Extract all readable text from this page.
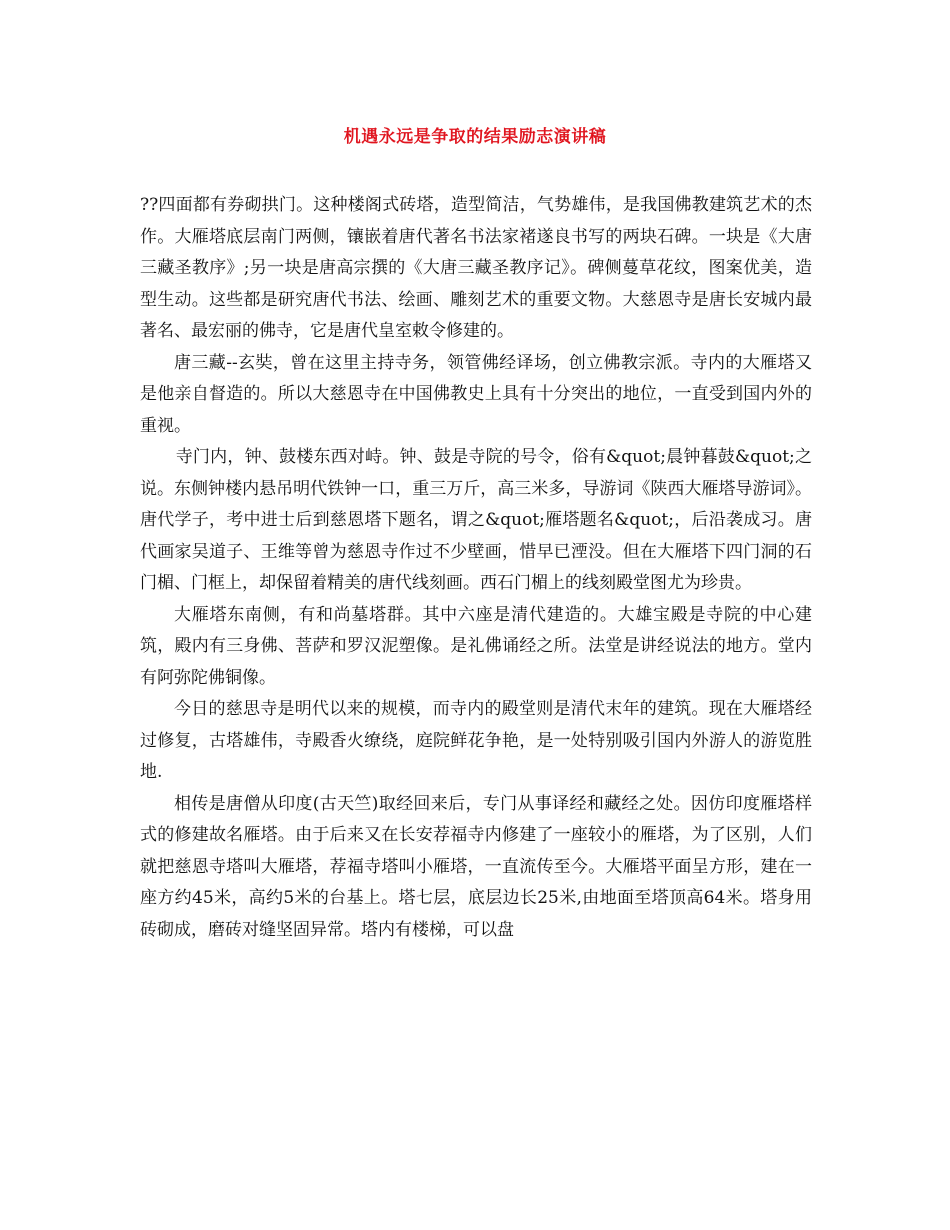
机遇永远是争取的结果励志演讲稿

??四面都有券砌拱门。这种楼阁式砖塔，造型简洁，气势雄伟，是我国佛教建筑艺术的杰作。大雁塔底层南门两侧，镶嵌着唐代著名书法家褚遂良书写的两块石碑。一块是《大唐三藏圣教序》;另一块是唐高宗撰的《大唐三藏圣教序记》。碑侧蔓草花纹，图案优美，造型生动。这些都是研究唐代书法、绘画、雕刻艺术的重要文物。大慈恩寺是唐长安城内最著名、最宏丽的佛寺，它是唐代皇室敕令修建的。

唐三藏--玄奘，曾在这里主持寺务，领管佛经译场，创立佛教宗派。寺内的大雁塔又是他亲自督造的。所以大慈恩寺在中国佛教史上具有十分突出的地位，一直受到国内外的重视。

寺门内，钟、鼓楼东西对峙。钟、鼓是寺院的号令，俗有&quot;晨钟暮鼓&quot;之说。东侧钟楼内悬吊明代铁钟一口，重三万斤，高三米多，导游词《陕西大雁塔导游词》。唐代学子，考中进士后到慈恩塔下题名，谓之&quot;雁塔题名&quot;，后沿袭成习。唐代画家吴道子、王维等曾为慈恩寺作过不少壁画，惜早已湮没。但在大雁塔下四门洞的石门楣、门框上，却保留着精美的唐代线刻画。西石门楣上的线刻殿堂图尤为珍贵。

大雁塔东南侧，有和尚墓塔群。其中六座是清代建造的。大雄宝殿是寺院的中心建筑，殿内有三身佛、菩萨和罗汉泥塑像。是礼佛诵经之所。法堂是讲经说法的地方。堂内有阿弥陀佛铜像。

今日的慈思寺是明代以来的规模，而寺内的殿堂则是清代末年的建筑。现在大雁塔经过修复，古塔雄伟，寺殿香火缭绕，庭院鲜花争艳，是一处特别吸引国内外游人的游览胜地.

相传是唐僧从印度(古天竺)取经回来后，专门从事译经和藏经之处。因仿印度雁塔样式的修建故名雁塔。由于后来又在长安荐福寺内修建了一座较小的雁塔，为了区别，人们就把慈恩寺塔叫大雁塔，荐福寺塔叫小雁塔，一直流传至今。大雁塔平面呈方形，建在一座方约45米，高约5米的台基上。塔七层，底层边长25米,由地面至塔顶高64米。塔身用砖砌成，磨砖对缝坚固异常。塔内有楼梯，可以盘
